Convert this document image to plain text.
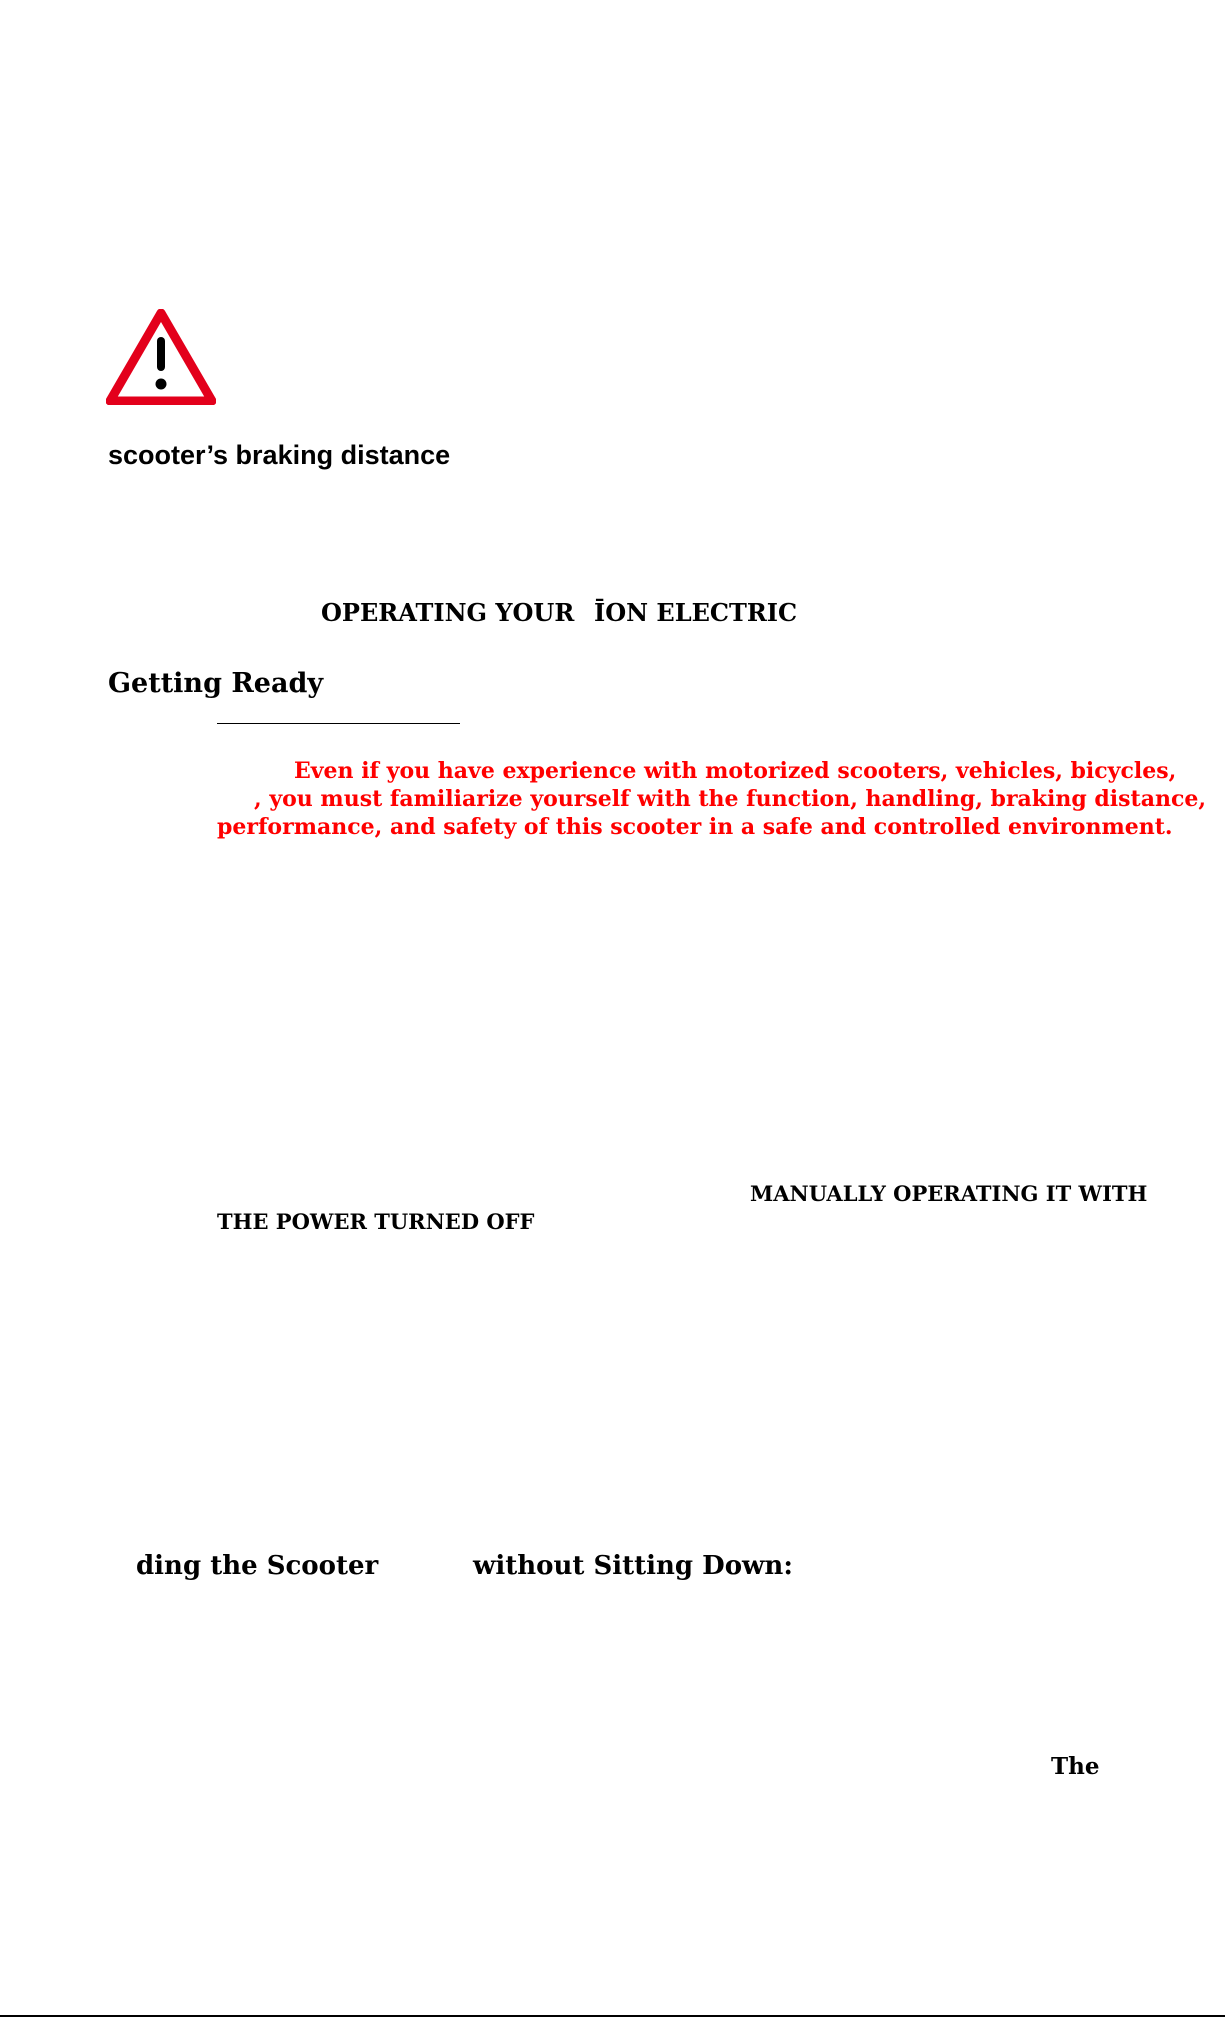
scooter’s braking distance
OPERATING YOUR ĪON ELECTRIC
Getting Ready
Even if you have experience with motorized scooters, vehicles, bicycles,
, you must familiarize yourself with the function, handling, braking distance,
performance, and safety of this scooter in a safe and controlled environment.
MANUALLY OPERATING IT WITH
THE POWER TURNED OFF
ding the Scooter	without Sitting Down:
The
